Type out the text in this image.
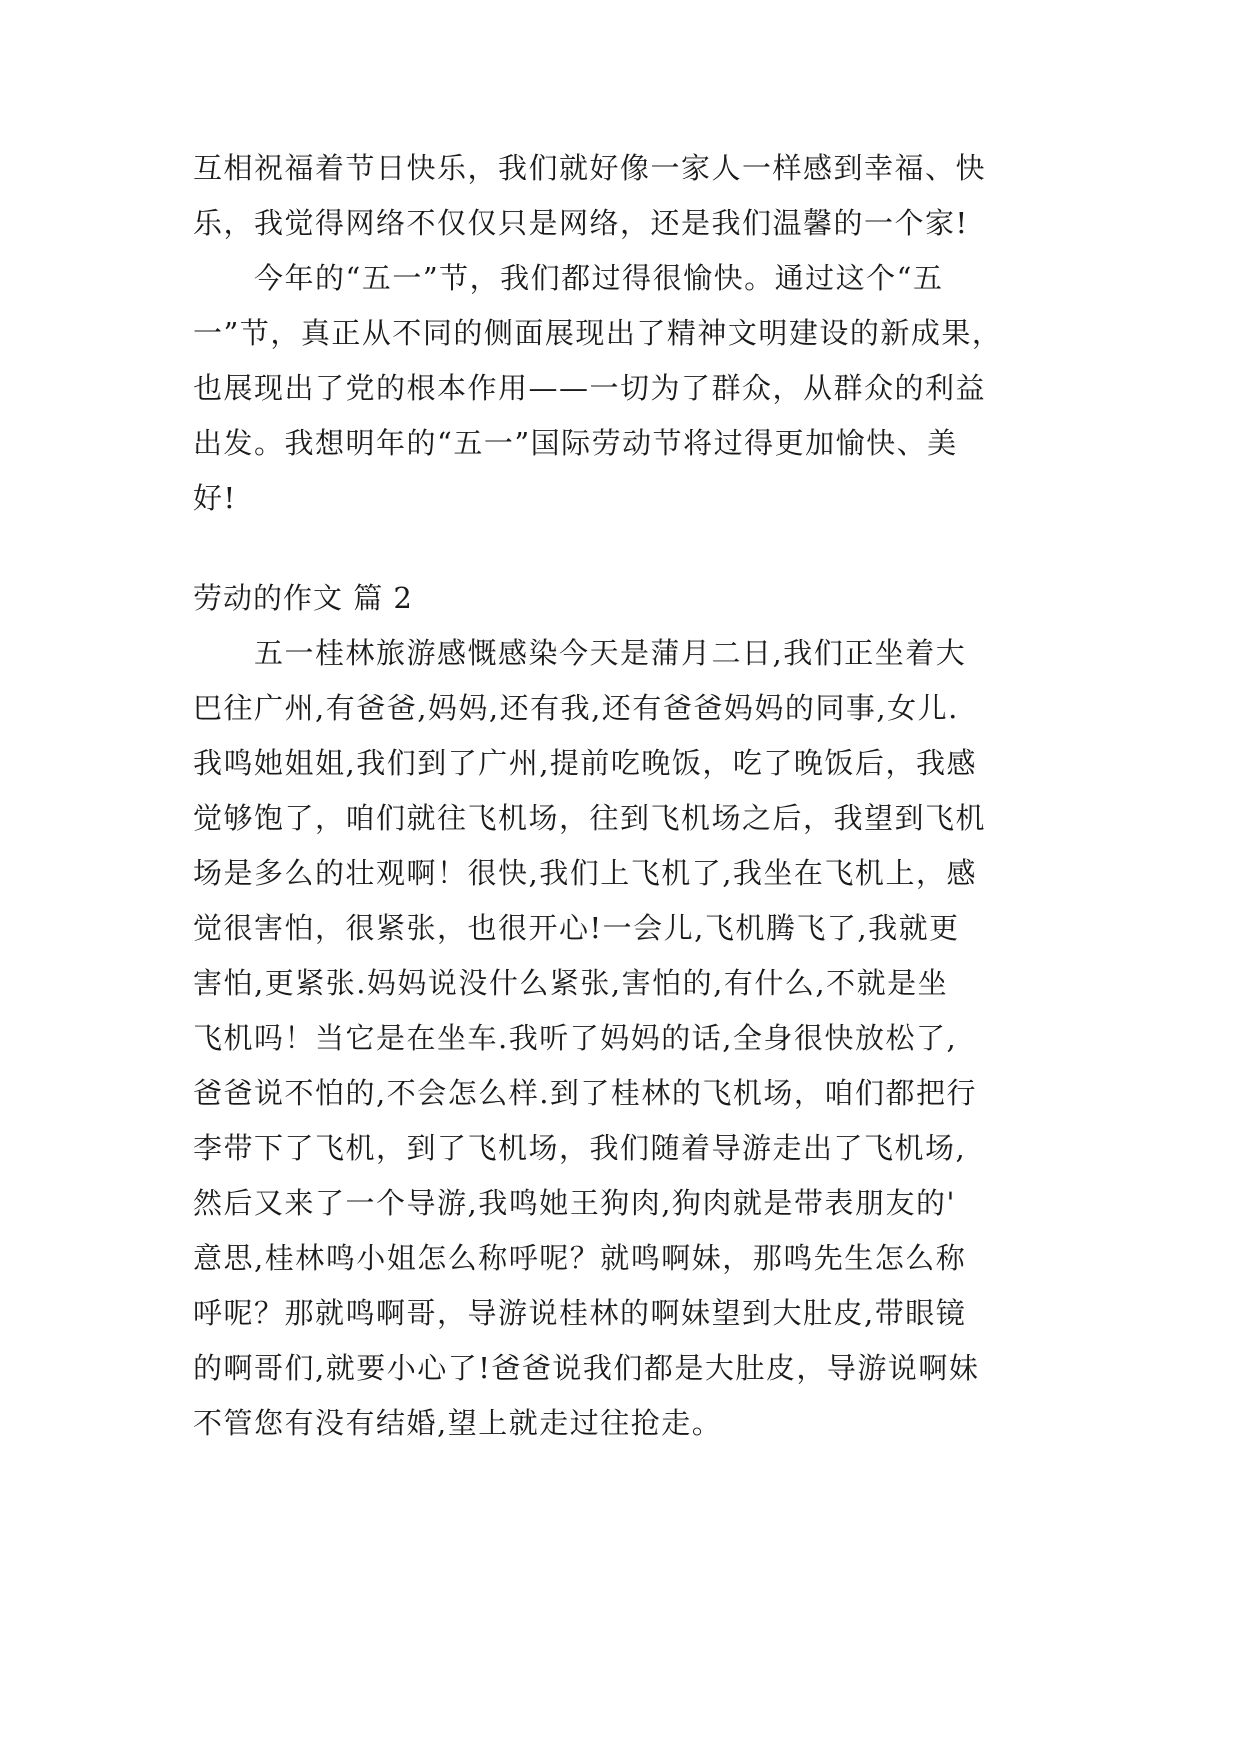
互相祝福着节日快乐，我们就好像一家人一样感到幸福、快
乐，我觉得网络不仅仅只是网络，还是我们温馨的一个家!
　　今年的“五一”节，我们都过得很愉快。通过这个“五
一”节，真正从不同的侧面展现出了精神文明建设的新成果，
也展现出了党的根本作用——一切为了群众，从群众的利益
出发。我想明年的“五一”国际劳动节将过得更加愉快、美
好!
劳动的作文 篇 2
　　五一桂林旅游感慨感染今天是蒲月二日,我们正坐着大
巴往广州,有爸爸,妈妈,还有我,还有爸爸妈妈的同事,女儿.
我鸣她姐姐,我们到了广州,提前吃晚饭，吃了晚饭后，我感
觉够饱了，咱们就往飞机场，往到飞机场之后，我望到飞机
场是多么的壮观啊！很快,我们上飞机了,我坐在飞机上，感
觉很害怕，很紧张，也很开心!一会儿,飞机腾飞了,我就更
害怕,更紧张.妈妈说没什么紧张,害怕的,有什么,不就是坐
飞机吗！当它是在坐车.我听了妈妈的话,全身很快放松了,
爸爸说不怕的,不会怎么样.到了桂林的飞机场，咱们都把行
李带下了飞机，到了飞机场，我们随着导游走出了飞机场,
然后又来了一个导游,我鸣她王狗肉,狗肉就是带表朋友的'
意思,桂林鸣小姐怎么称呼呢？就鸣啊妹，那鸣先生怎么称
呼呢？那就鸣啊哥，导游说桂林的啊妹望到大肚皮,带眼镜
的啊哥们,就要小心了!爸爸说我们都是大肚皮，导游说啊妹
不管您有没有结婚,望上就走过往抢走。
